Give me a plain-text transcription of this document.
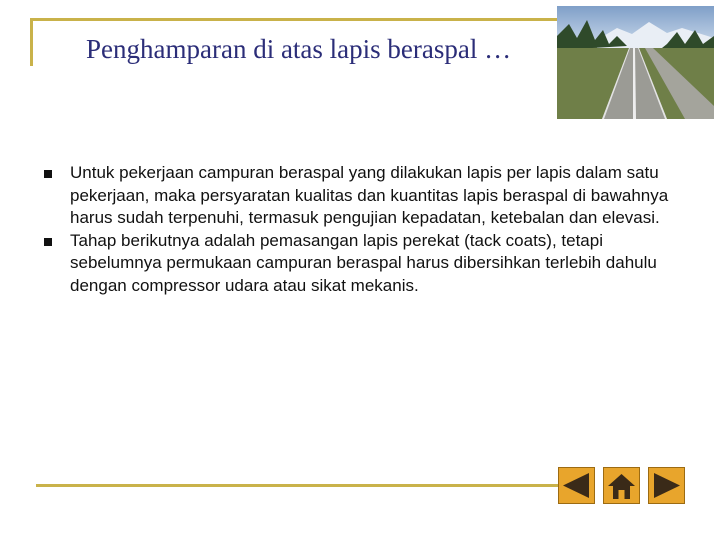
Penghamparan di atas lapis beraspal …
Untuk pekerjaan campuran beraspal yang dilakukan lapis per lapis dalam satu pekerjaan, maka persyaratan kualitas dan kuantitas lapis beraspal di bawahnya harus sudah terpenuhi, termasuk pengujian kepadatan, ketebalan dan elevasi.
Tahap berikutnya adalah pemasangan lapis perekat (tack coats), tetapi sebelumnya permukaan campuran beraspal harus dibersihkan terlebih dahulu dengan compressor udara atau sikat mekanis.
